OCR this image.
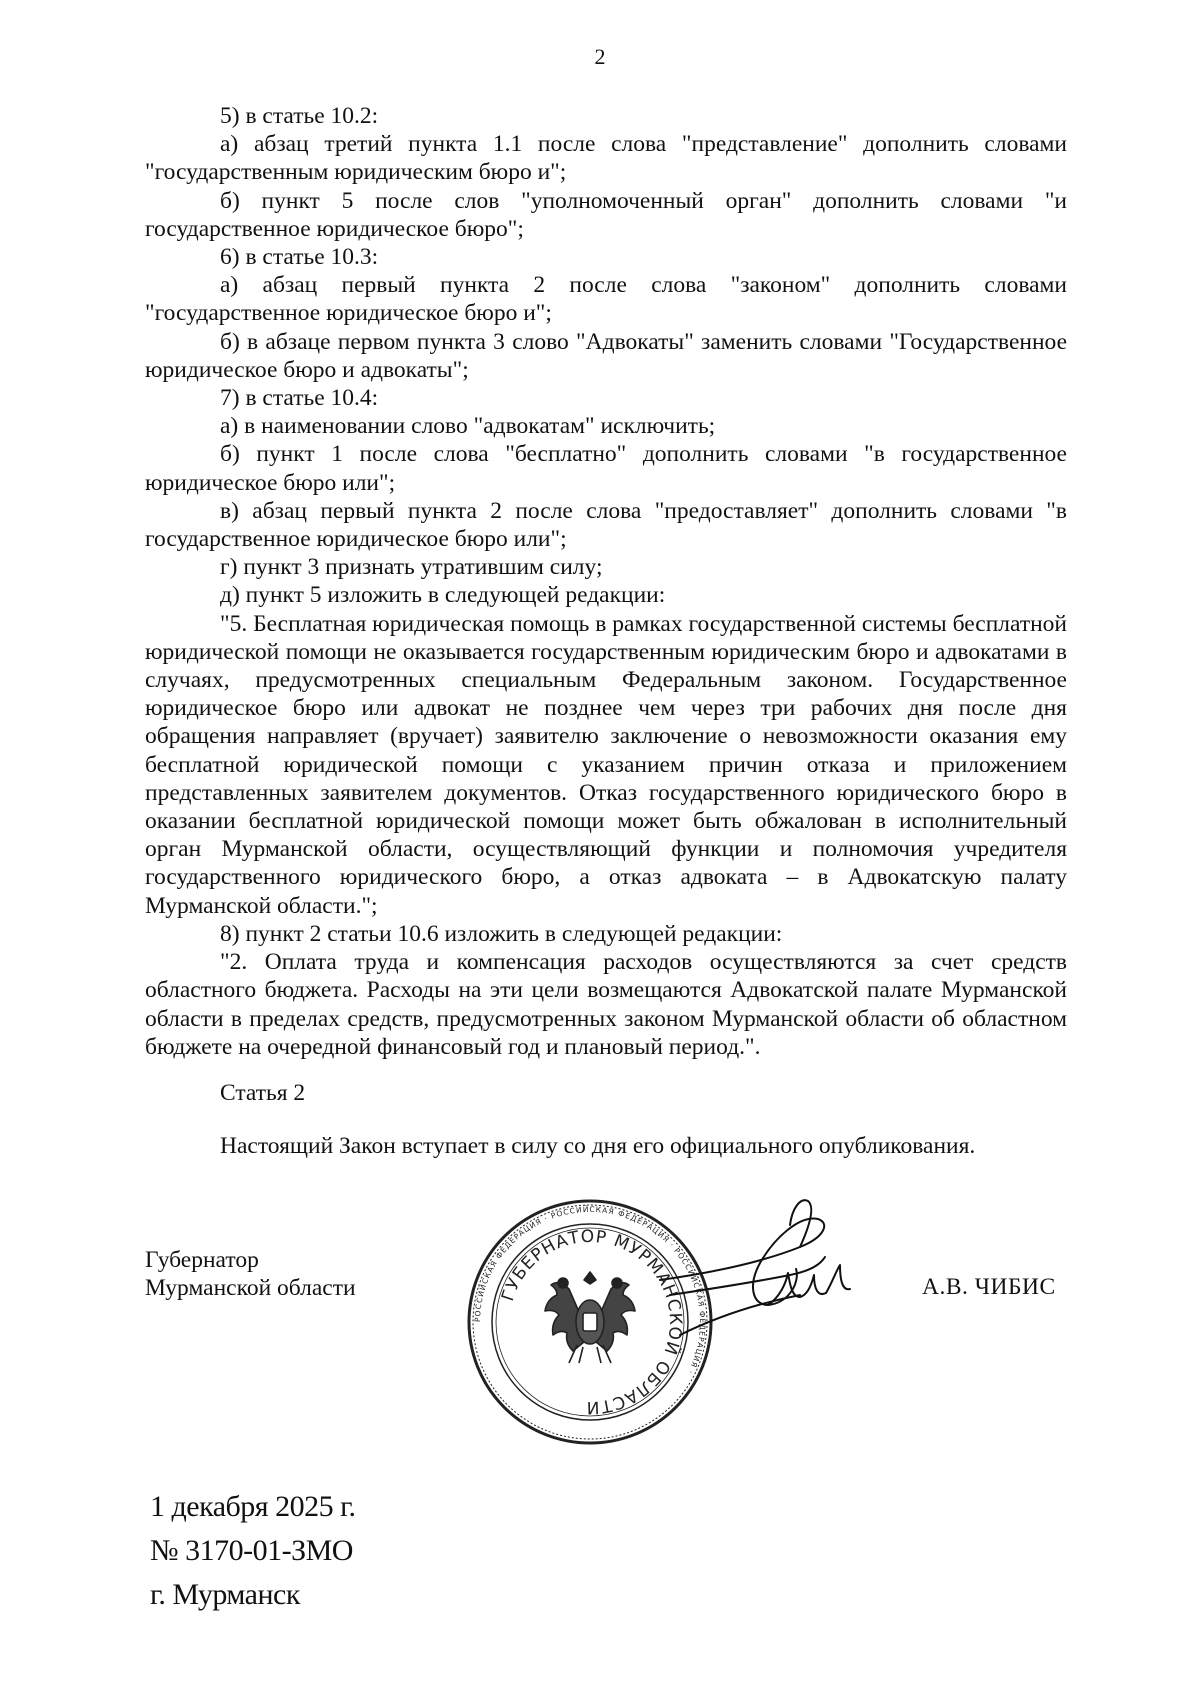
2

5) в статье 10.2:

а) абзац третий пункта 1.1 после слова "представление" дополнить словами "государственным юридическим бюро и";

б) пункт 5 после слов "уполномоченный орган" дополнить словами "и государственное юридическое бюро";

6) в статье 10.3:

а) абзац первый пункта 2 после слова "законом" дополнить словами "государственное юридическое бюро и";

б) в абзаце первом пункта 3 слово "Адвокаты" заменить словами "Государственное юридическое бюро и адвокаты";

7) в статье 10.4:

а) в наименовании слово "адвокатам" исключить;

б) пункт 1 после слова "бесплатно" дополнить словами "в государственное юридическое бюро или";

в) абзац первый пункта 2 после слова "предоставляет" дополнить словами "в государственное юридическое бюро или";

г) пункт 3 признать утратившим силу;

д) пункт 5 изложить в следующей редакции:

"5. Бесплатная юридическая помощь в рамках государственной системы бесплатной юридической помощи не оказывается государственным юридическим бюро и адвокатами в случаях, предусмотренных специальным Федеральным законом. Государственное юридическое бюро или адвокат не позднее чем через три рабочих дня после дня обращения направляет (вручает) заявителю заключение о невозможности оказания ему бесплатной юридической помощи с указанием причин отказа и приложением представленных заявителем документов. Отказ государственного юридического бюро в оказании бесплатной юридической помощи может быть обжалован в исполнительный орган Мурманской области, осуществляющий функции и полномочия учредителя государственного юридического бюро, а отказ адвоката – в Адвокатскую палату Мурманской области.";

8) пункт 2 статьи 10.6 изложить в следующей редакции:

"2. Оплата труда и компенсация расходов осуществляются за счет средств областного бюджета. Расходы на эти цели возмещаются Адвокатской палате Мурманской области в пределах средств, предусмотренных законом Мурманской области об областном бюджете на очередной финансовый год и плановый период.".

Статья 2
Настоящий Закон вступает в силу со дня его официального опубликования.
Губернатор
Мурманской области
РОССИЙСКАЯ ФЕДЕРАЦИЯ · РОССИЙСКАЯ ФЕДЕРАЦИЯ · РОССИЙСКАЯ ФЕДЕРАЦИЯ ·
ГУБЕРНАТОР МУРМАНСКОЙ ОБЛАСТИ
А.В. ЧИБИС
1 декабря 2025 г.
№ 3170-01-ЗМО
г. Мурманск
